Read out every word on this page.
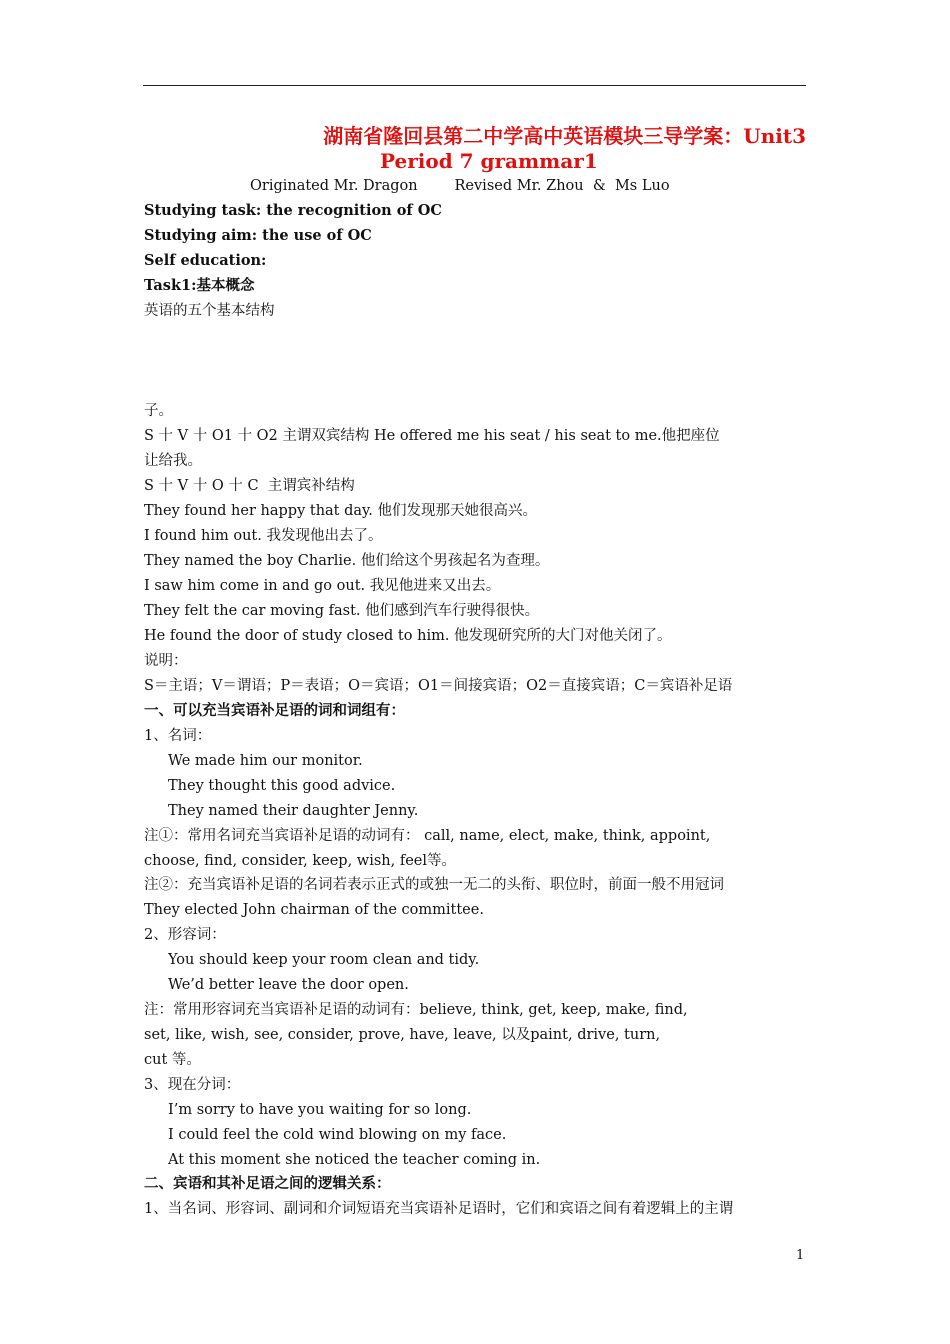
湖南省隆回县第二中学高中英语模块三导学案：Unit3
Period 7 grammar1
Originated Mr. Dragon        Revised Mr. Zhou  &  Ms Luo
Studying task: the recognition of OC
Studying aim: the use of OC
Self education:
Task1:基本概念
英语的五个基本结构

子。
S 十 V 十 O1 十 O2 主谓双宾结构 He offered me his seat / his seat to me.他把座位
让给我。
S 十 V 十 O 十 C  主谓宾补结构
They found her happy that day. 他们发现那天她很高兴。
I found him out. 我发现他出去了。
They named the boy Charlie. 他们给这个男孩起名为查理。
I saw him come in and go out. 我见他进来又出去。
They felt the car moving fast. 他们感到汽车行驶得很快。
He found the door of study closed to him. 他发现研究所的大门对他关闭了。
说明：
S＝主语；V＝谓语；P＝表语；O＝宾语；O1＝间接宾语；O2＝直接宾语；C＝宾语补足语
一、可以充当宾语补足语的词和词组有：
1、名词：
We made him our monitor.
They thought this good advice.
They named their daughter Jenny.
注①：常用名词充当宾语补足语的动词有： call, name, elect, make, think, appoint,
choose, find, consider, keep, wish, feel等。
注②：充当宾语补足语的名词若表示正式的或独一无二的头衔、职位时，前面一般不用冠词
They elected John chairman of the committee.
2、形容词：
You should keep your room clean and tidy.
We’d better leave the door open.
注：常用形容词充当宾语补足语的动词有：believe, think, get, keep, make, find,
set, like, wish, see, consider, prove, have, leave, 以及paint, drive, turn,
cut 等。
3、现在分词：
I’m sorry to have you waiting for so long.
I could feel the cold wind blowing on my face.
At this moment she noticed the teacher coming in.
二、宾语和其补足语之间的逻辑关系：
1、当名词、形容词、副词和介词短语充当宾语补足语时，它们和宾语之间有着逻辑上的主谓
1
